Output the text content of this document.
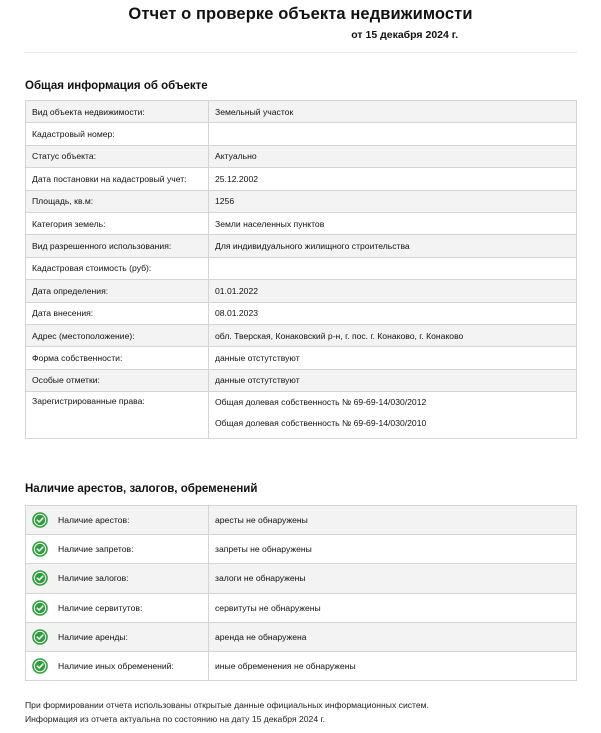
Отчет о проверке объекта недвижимости
от 15 декабря 2024 г.
Общая информация об объекте
Вид объекта недвижимости:	Земельный участок
Кадастровый номер:	
Статус объекта:	Актуально
Дата постановки на кадастровый учет:	25.12.2002
Площадь, кв.м:	1256
Категория земель:	Земли населенных пунктов
Вид разрешенного использования:	Для индивидуального жилищного строительства
Кадастровая стоимость (руб):	
Дата определения:	01.01.2022
Дата внесения:	08.01.2023
Адрес (местоположение):	обл. Тверская, Конаковский р-н, г. пос. г. Конаково, г. Конаково
Форма собственности:	данные отстутствуют
Особые отметки:	данные отстутствуют
Зарегистрированные права:	Общая долевая собственность № 69-69-14/030/2012
Общая долевая собственность № 69-69-14/030/2010
Наличие арестов, залогов, обременений
Наличие арестов:	аресты не обнаружены
Наличие запретов:	запреты не обнаружены
Наличие залогов:	залоги не обнаружены
Наличие сервитутов:	сервитуты не обнаружены
Наличие аренды:	аренда не обнаружена
Наличие иных обременений:	иные обременения не обнаружены
При формировании отчета использованы открытые данные официальных информационных систем.
Информация из отчета актуальна по состоянию на дату 15 декабря 2024 г.
